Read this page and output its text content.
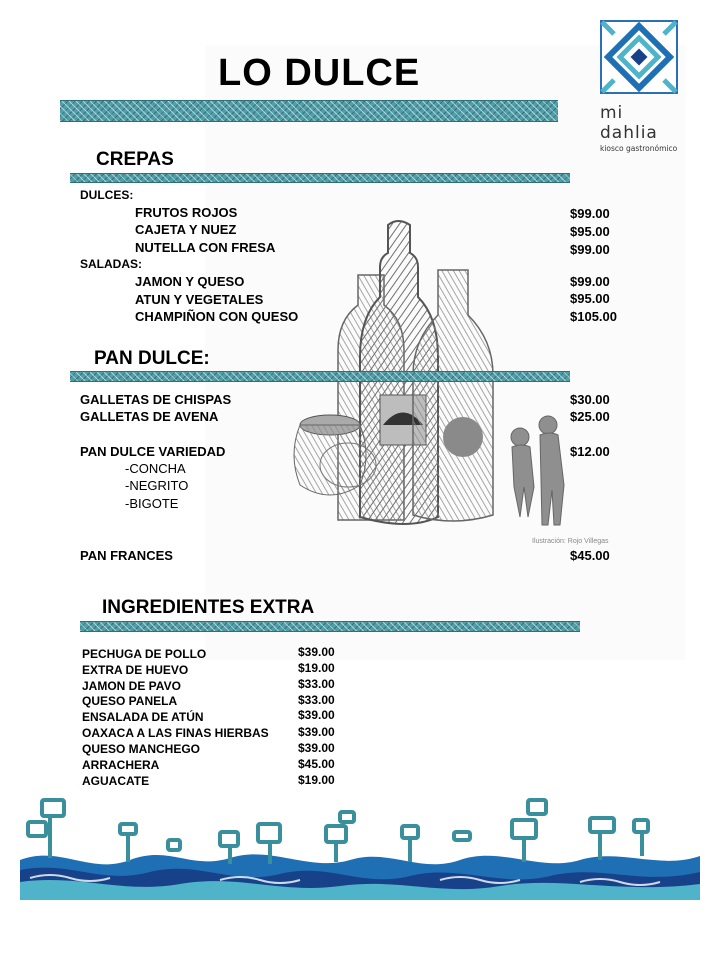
LO DULCE
mi dahlia
kiosco gastronómico
Ilustración: Rojo Villegas
CREPAS
DULCES:
FRUTOS ROJOS	$99.00
CAJETA Y NUEZ	$95.00
NUTELLA CON FRESA	$99.00
SALADAS:
JAMON Y QUESO	$99.00
ATUN Y VEGETALES	$95.00
CHAMPIÑON CON QUESO	$105.00
PAN DULCE:
GALLETAS DE CHISPAS	$30.00
GALLETAS DE AVENA	$25.00
PAN DULCE VARIEDAD	$12.00
-CONCHA
-NEGRITO
-BIGOTE
PAN FRANCES	$45.00
INGREDIENTES EXTRA
PECHUGA DE POLLO	$39.00
EXTRA DE HUEVO	$19.00
JAMON DE PAVO	$33.00
QUESO PANELA	$33.00
ENSALADA DE ATÚN	$39.00
OAXACA A LAS FINAS HIERBAS $39.00
QUESO MANCHEGO	$39.00
ARRACHERA	$45.00
AGUACATE	$19.00
